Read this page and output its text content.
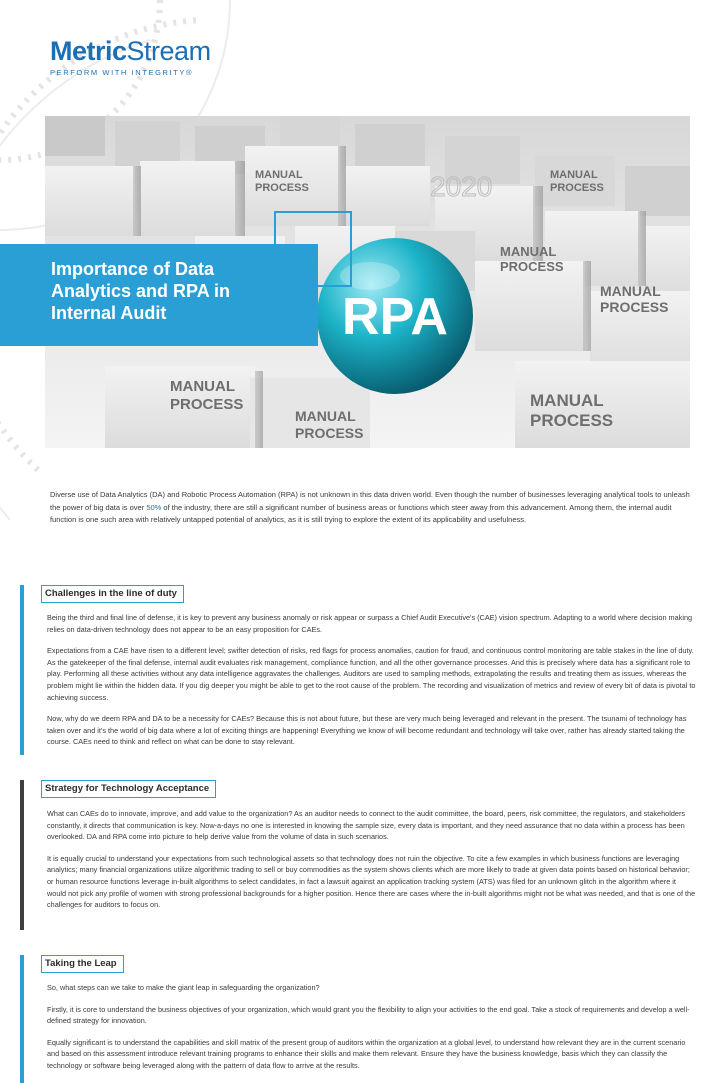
MetricStream
PERFORM WITH INTEGRITY®
MANUAL
PROCESS
MANUAL
PROCESS
MANUAL
PROCESS
MANUAL
PROCESS
MANUAL
PROCESS
MANUAL
PROCESS
MANUAL
PROCESS
2020
RPA
Importance of Data
Analytics and RPA in
Internal Audit
Diverse use of Data Analytics (DA) and Robotic Process Automation (RPA) is not unknown in this data driven world. Even though the number of businesses leveraging analytical tools to unleash the power of big data is over 50% of the industry, there are still a significant number of business areas or functions which steer away from this advancement. Among them, the internal audit function is one such area with relatively untapped potential of analytics, as it is still trying to explore the extent of its applicability and usefulness.
Challenges in the line of duty

Being the third and final line of defense, it is key to prevent any business anomaly or risk appear or surpass a Chief Audit Executive's (CAE) vision spectrum. Adapting to a world where decision making relies on data-driven technology does not appear to be an easy proposition for CAEs.

Expectations from a CAE have risen to a different level; swifter detection of risks, red flags for process anomalies, caution for fraud, and continuous control monitoring are table stakes in the line of duty. As the gatekeeper of the final defense, internal audit evaluates risk management, compliance function, and all the other governance processes. And this is precisely where data has a significant role to play. Performing all these activities without any data intelligence aggravates the challenges. Auditors are used to sampling methods, extrapolating the results and treating them as issues, whereas the problem might lie within the hidden data. If you dig deeper you might be able to get to the root cause of the problem. The recording and visualization of metrics and review of every bit of data is pivotal to achieving success.

Now, why do we deem RPA and DA to be a necessity for CAEs? Because this is not about future, but these are very much being leveraged and relevant in the present. The tsunami of technology has taken over and it's the world of big data where a lot of exciting things are happening! Everything we know of will become redundant and technology will take over, rather has already started taking the course. CAEs need to think and reflect on what can be done to stay relevant.

Strategy for Technology Acceptance

What can CAEs do to innovate, improve, and add value to the organization? As an auditor needs to connect to the audit committee, the board, peers, risk committee, the regulators, and stakeholders constantly, it directs that communication is key. Now-a-days no one is interested in knowing the sample size, every data is important, and they need assurance that no data within a process has been overlooked. DA and RPA come into picture to help derive value from the volume of data in such scenarios.

It is equally crucial to understand your expectations from such technological assets so that technology does not ruin the objective. To cite a few examples in which business functions are leveraging analytics; many financial organizations utilize algorithmic trading to sell or buy commodities as the system shows clients which are more likely to trade at given data points based on historical behavior; or human resource functions leverage in-built algorithms to select candidates, in fact a lawsuit against an application tracking system (ATS) was filed for an unknown glitch in the algorithm where it would not pick any profile of women with strong professional backgrounds for a higher position. Hence there are cases where the in-built algorithms might not be what was needed, and that is one of the challenges for auditors to focus on.

Taking the Leap

So, what steps can we take to make the giant leap in safeguarding the organization?

Firstly, it is core to understand the business objectives of your organization, which would grant you the flexibility to align your activities to the end goal. Take a stock of requirements and develop a well-defined strategy for innovation.

Equally significant is to understand the capabilities and skill matrix of the present group of auditors within the organization at a global level, to understand how relevant they are in the current scenario and based on this assessment introduce relevant training programs to enhance their skills and make them relevant. Ensure they have the business knowledge, basis which they can classify the technology or software being leveraged along with the pattern of data flow to arrive at the results.
